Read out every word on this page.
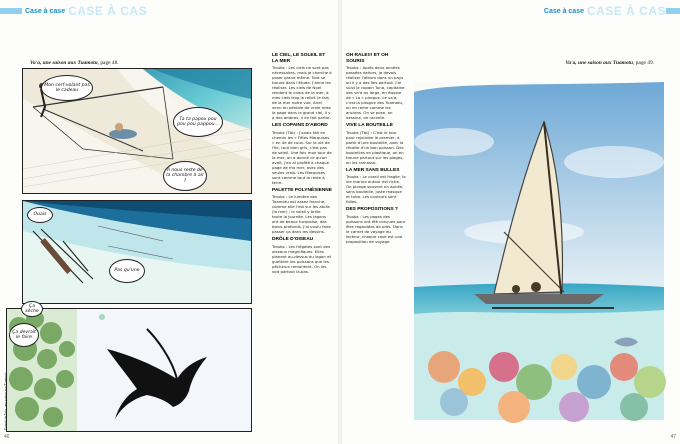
Case à case CASE À CAS	Case à case CASE À CAS
Va'a, une saison aux Tuamotu, page 48.
Mon cerf-volant pas le cadeau
Ta ta papou pou pou pou pappou...
Il nous reste de la chambre à air ?
Ouais
Pas qu'une
Ça sèche
Ça devrait le faire
Extrait de Va'a, une saison aux Tuamotu
46
LE CIEL, LE SOLEIL ET LA MER

Troubs : Les ciels ne sont pas nécessaires, mais je cherche à poser grand même. Tout se trouve dans l'étude. J'aime les réaliser. Les ciels de Noel rendent le corps de la mer, à mes ciels trop le relief. Je fais de la mer notre vue, Ariel venu en pénible de vraie mise la page dans le grand ciel, il y a des ombres, il en fait partie.

LES COPAINS D'ABORD

Troubs (Tbt) : J'avais fait en chemin les « Fêtes Marquises » en 4e de couv. Sur la vie de l'île, tout bien gris, c'est pas de soleil. Une fois mon tour de la mer, on a donné ce qu'on avait, j'en ai profité à chaque page de ma mer, avec des seules vrais. Les Marquises sont comme tout le reste à terre.

PALETTE POLYNÉSIENNE

Troubs : Le lumière des Tuamotu est assez franche, comme elle l'est sur les atolls (la mer) ; le soleil y brille toute la journée. Les lagons ont de beaux turquoise, des bleus profonds. J'ai voulu faire passer ça dans les dessins.

DRÔLE D'OISEAU

Troubs : Les frégates sont des oiseaux magnifiques. Elles planent au-dessus du lagon et guettent les poissons que les pêcheurs remontent. On les voit partout là-bas.

OH RALE!!! ET OH SOURIS

Troubs : Après deux années passées dehors, je devais réaliser l'album dans un pays où il y a des îles partout. J'ai suivi le copain Tuna, capitaine des va'a au large, en équipe de « La » pirogue. Le va'a, c'est la pirogue des Tuamotu, on en rame comme les anciens. On se pose, on dessine, on raconte.

VIVE LA BOUTEILLE

Troubs (Tbt) : C'est le tour pour rejoindre le premier, à partir d'une bouteille, avec la récolte d'un bon poisson. Des bouteilles en plastique, on en trouve partout sur les plages, on les ramasse.

LA MER SANS BULLES

Troubs : Le corail est fragile, la vie marine autour est riche. On plonge souvent en apnée, sans bouteille, juste masque et tuba. Les couleurs sont folles.

DES PROPOSITIONS ?

Troubs : Les pages des poissons ont été conçues pour être regardées de près. Dans le carnet de voyage du lecteur, chaque case est une proposition de voyage.

Va'a, une saison aux Tuamotu, page 49.
47
